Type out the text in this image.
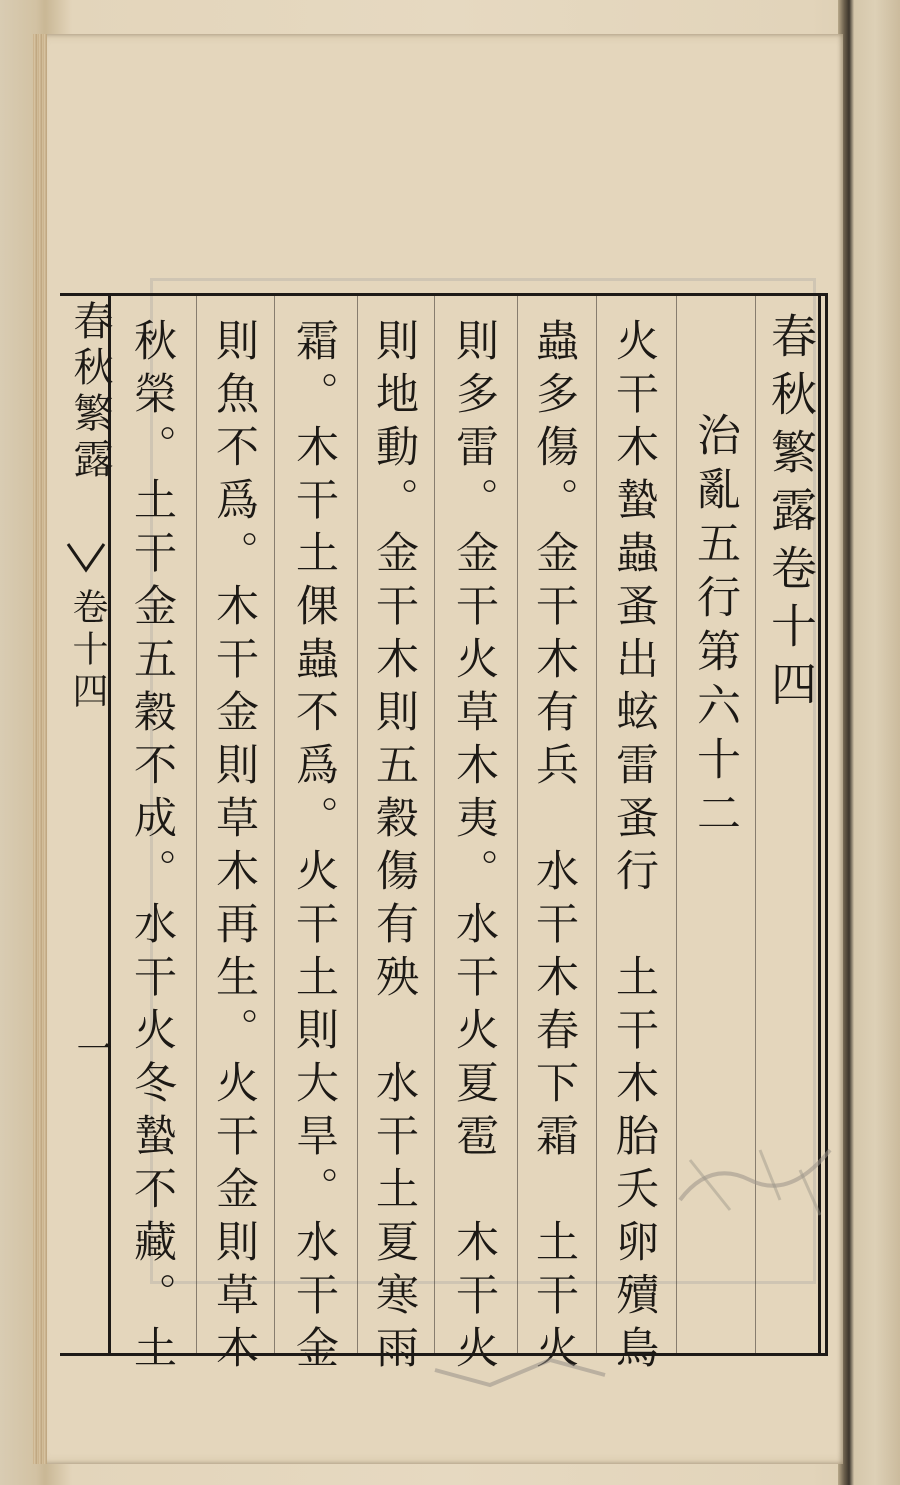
春秋繁露卷十四
治亂五行第六十二
火干木蟄蟲蚤出蚿雷蚤行　土干木胎夭卵殰鳥
蟲多傷。金干木有兵　水干木春下霜　土干火
則多雷。金干火草木夷。水干火夏雹　木干火
則地動。金干木則五穀傷有殃　水干土夏寒雨
霜。木干土倮蟲不爲。火干土則大旱。水干金
則魚不爲。木干金則草木再生。火干金則草木
秋榮。土干金五穀不成。水干火冬蟄不藏。土
春秋繁露
卷十四
一
